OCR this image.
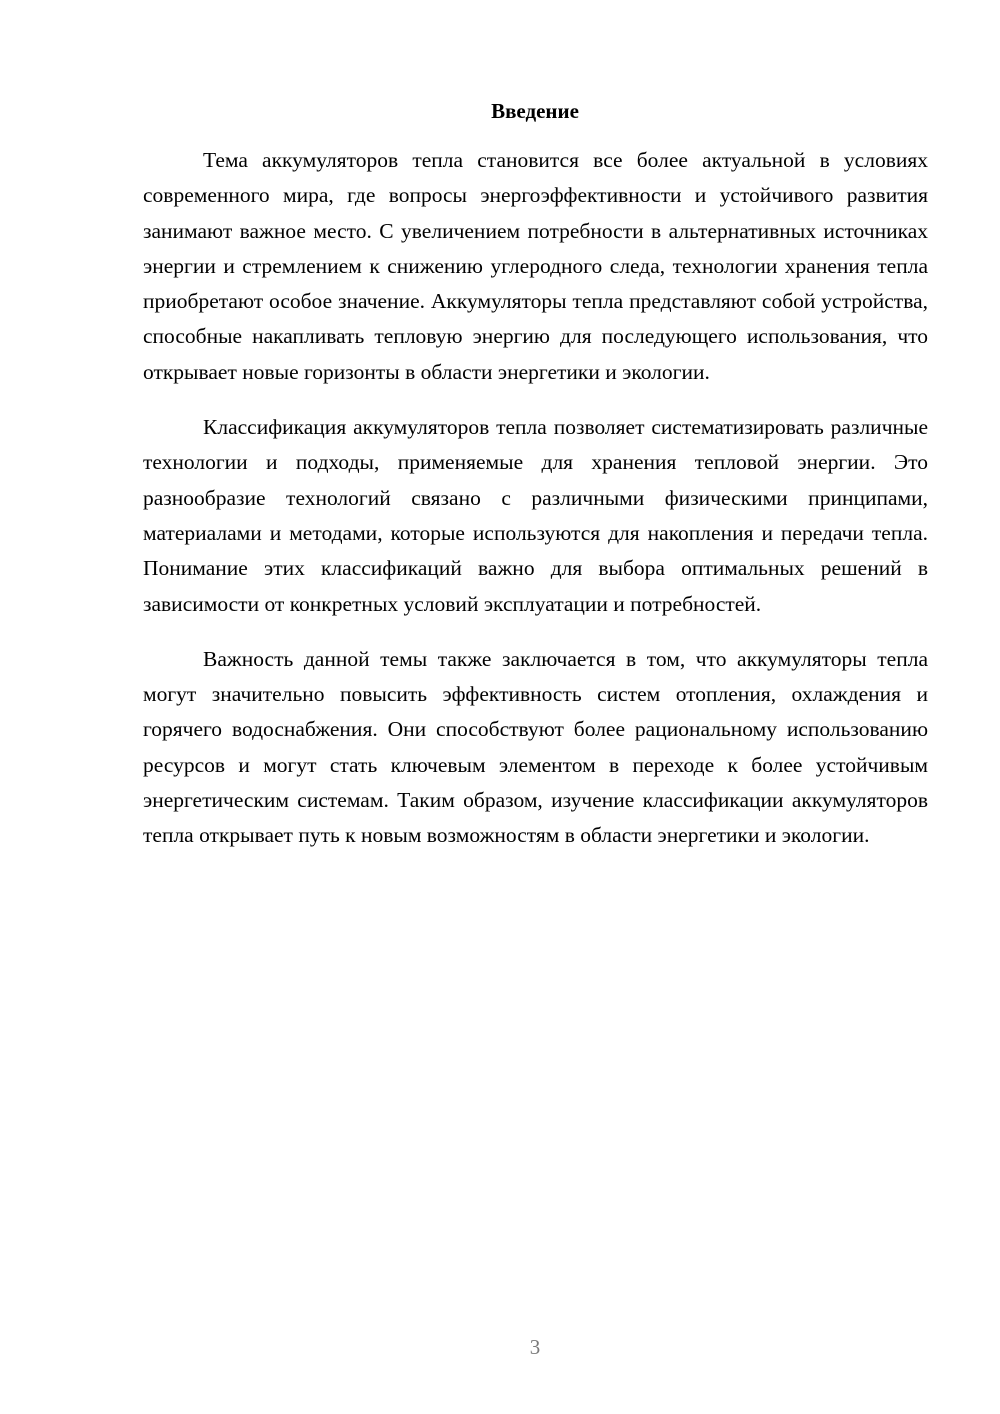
Введение

Тема аккумуляторов тепла становится все более актуальной в условиях современного мира, где вопросы энергоэффективности и устойчивого развития занимают важное место. С увеличением потребности в альтернативных источниках энергии и стремлением к снижению углеродного следа, технологии хранения тепла приобретают особое значение. Аккумуляторы тепла представляют собой устройства, способные накапливать тепловую энергию для последующего использования, что открывает новые горизонты в области энергетики и экологии.

Классификация аккумуляторов тепла позволяет систематизировать различные технологии и подходы, применяемые для хранения тепловой энергии. Это разнообразие технологий связано с различными физическими принципами, материалами и методами, которые используются для накопления и передачи тепла. Понимание этих классификаций важно для выбора оптимальных решений в зависимости от конкретных условий эксплуатации и потребностей.

Важность данной темы также заключается в том, что аккумуляторы тепла могут значительно повысить эффективность систем отопления, охлаждения и горячего водоснабжения. Они способствуют более рациональному использованию ресурсов и могут стать ключевым элементом в переходе к более устойчивым энергетическим системам. Таким образом, изучение классификации аккумуляторов тепла открывает путь к новым возможностям в области энергетики и экологии.

3
